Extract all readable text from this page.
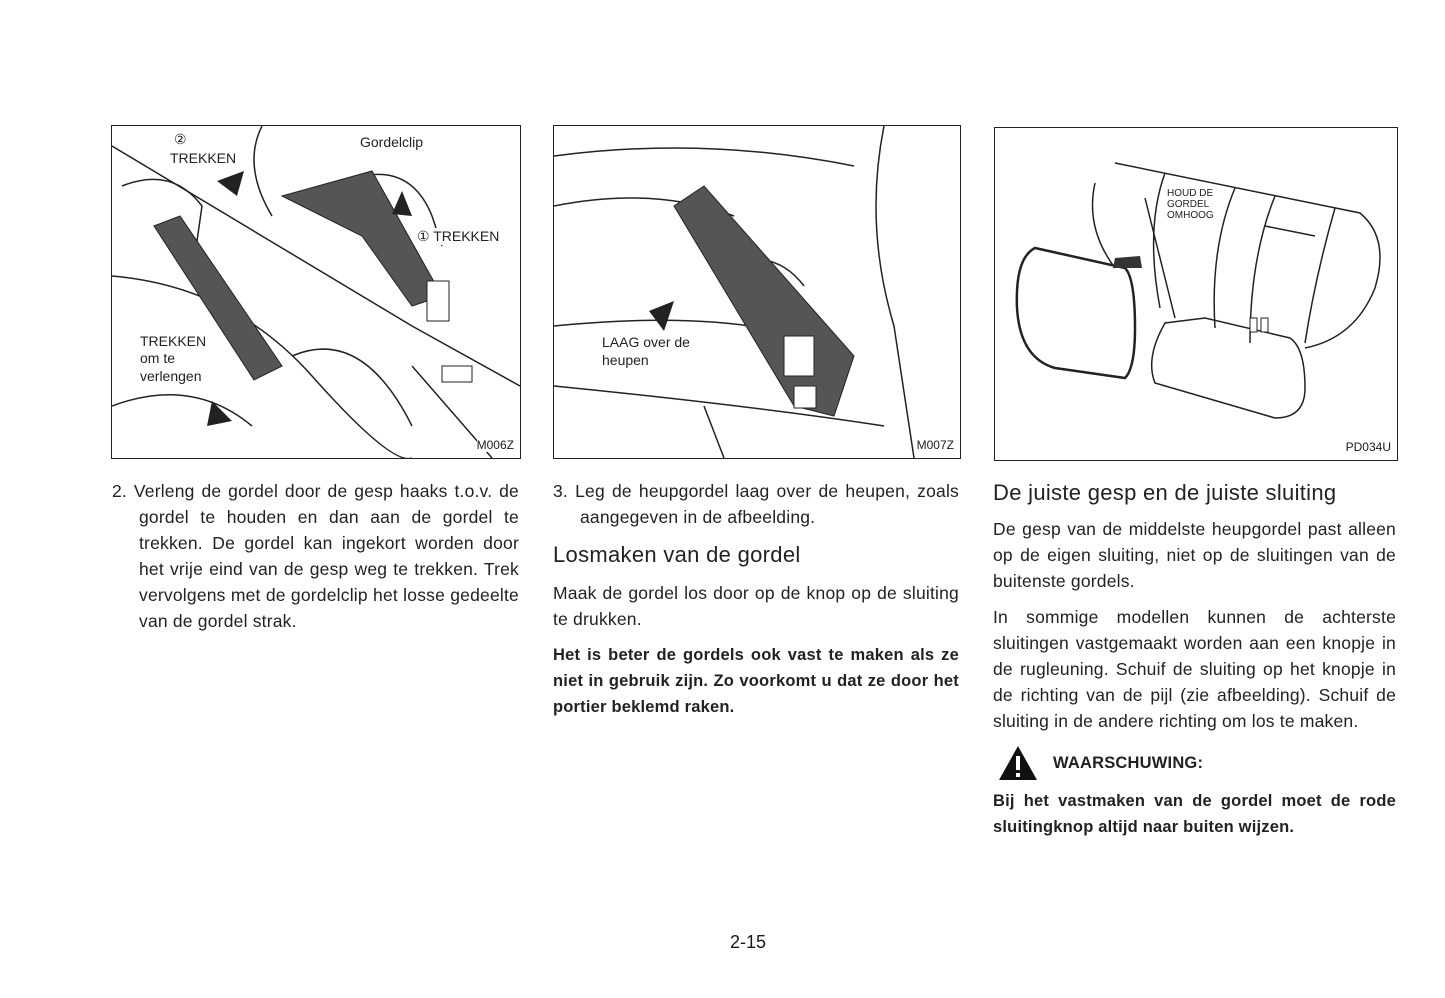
②
TREKKEN
Gordelclip
① TREKKEN
TREKKEN
om te
verlengen
M006Z
LAAG over de
heupen
M007Z
HOUD DE
GORDEL
OMHOOG
PD034U

2. Verleng de gordel door de gesp haaks t.o.v. de gordel te houden en dan aan de gordel te trekken. De gordel kan ingekort worden door het vrije eind van de gesp weg te trekken. Trek vervolgens met de gordelclip het losse gedeelte van de gordel strak.

3. Leg de heupgordel laag over de heupen, zoals aangegeven in de afbeelding.

Losmaken van de gordel

Maak de gordel los door op de knop op de sluiting te drukken.

Het is beter de gordels ook vast te maken als ze niet in gebruik zijn. Zo voorkomt u dat ze door het portier beklemd raken.

De juiste gesp en de juiste sluiting

De gesp van de middelste heupgordel past alleen op de eigen sluiting, niet op de sluitingen van de buitenste gordels.

In sommige modellen kunnen de achterste sluitingen vastgemaakt worden aan een knopje in de rugleuning. Schuif de sluiting op het knopje in de richting van de pijl (zie afbeelding). Schuif de sluiting in de andere richting om los te maken.

WAARSCHUWING:

Bij het vastmaken van de gordel moet de rode sluitingknop altijd naar buiten wijzen.

2-15
